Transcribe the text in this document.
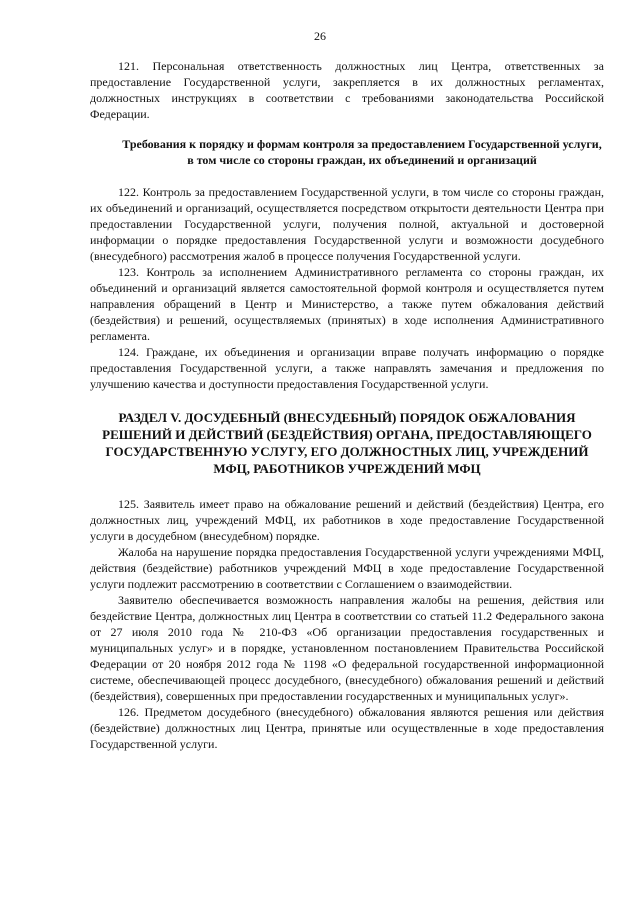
26

121. Персональная ответственность должностных лиц Центра, ответственных за предоставление Государственной услуги, закрепляется в их должностных регламентах, должностных инструкциях в соответствии с требованиями законодательства Российской Федерации.

Требования к порядку и формам контроля за предоставлением Государственной услуги, в том числе со стороны граждан, их объединений и организаций

122. Контроль за предоставлением Государственной услуги, в том числе со стороны граждан, их объединений и организаций, осуществляется посредством открытости деятельности Центра при предоставлении Государственной услуги, получения полной, актуальной и достоверной информации о порядке предоставления Государственной услуги и возможности досудебного (внесудебного) рассмотрения жалоб в процессе получения Государственной услуги.

123. Контроль за исполнением Административного регламента со стороны граждан, их объединений и организаций является самостоятельной формой контроля и осуществляется путем направления обращений в Центр и Министерство, а также путем обжалования действий (бездействия) и решений, осуществляемых (принятых) в ходе исполнения Административного регламента.

124. Граждане, их объединения и организации вправе получать информацию о порядке предоставления Государственной услуги, а также направлять замечания и предложения по улучшению качества и доступности предоставления Государственной услуги.

РАЗДЕЛ V. ДОСУДЕБНЫЙ (ВНЕСУДЕБНЫЙ) ПОРЯДОК ОБЖАЛОВАНИЯ
РЕШЕНИЙ И ДЕЙСТВИЙ (БЕЗДЕЙСТВИЯ) ОРГАНА, ПРЕДОСТАВЛЯЮЩЕГО
ГОСУДАРСТВЕННУЮ УСЛУГУ, ЕГО ДОЛЖНОСТНЫХ ЛИЦ, УЧРЕЖДЕНИЙ
МФЦ, РАБОТНИКОВ УЧРЕЖДЕНИЙ МФЦ

125. Заявитель имеет право на обжалование решений и действий (бездействия) Центра, его должностных лиц, учреждений МФЦ, их работников в ходе предоставление Государственной услуги в досудебном (внесудебном) порядке.

Жалоба на нарушение порядка предоставления Государственной услуги учреждениями МФЦ, действия (бездействие) работников учреждений МФЦ в ходе предоставление Государственной услуги подлежит рассмотрению в соответствии с Соглашением о взаимодействии.

Заявителю обеспечивается возможность направления жалобы на решения, действия или бездействие Центра, должностных лиц Центра в соответствии со статьей 11.2 Федерального закона от 27 июля 2010 года № 210-ФЗ «Об организации предоставления государственных и муниципальных услуг» и в порядке, установленном постановлением Правительства Российской Федерации от 20 ноября 2012 года № 1198 «О федеральной государственной информационной системе, обеспечивающей процесс досудебного, (внесудебного) обжалования решений и действий (бездействия), совершенных при предоставлении государственных и муниципальных услуг».

126. Предметом досудебного (внесудебного) обжалования являются решения или действия (бездействие) должностных лиц Центра, принятые или осуществленные в ходе предоставления Государственной услуги.
